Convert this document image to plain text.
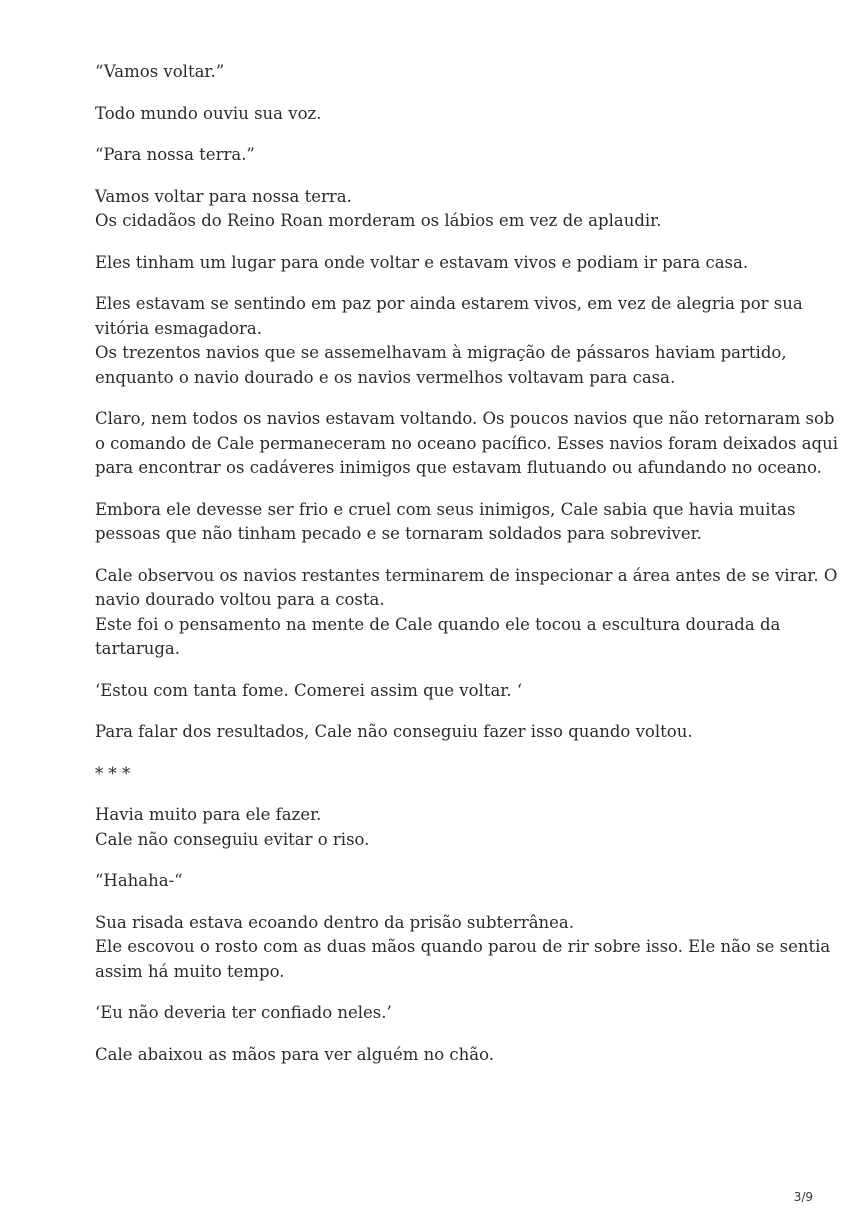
“Vamos voltar.”

Todo mundo ouviu sua voz.

“Para nossa terra.”

Vamos voltar para nossa terra.
Os cidadãos do Reino Roan morderam os lábios em vez de aplaudir.

Eles tinham um lugar para onde voltar e estavam vivos e podiam ir para casa.

Eles estavam se sentindo em paz por ainda estarem vivos, em vez de alegria por sua
vitória esmagadora.
Os trezentos navios que se assemelhavam à migração de pássaros haviam partido,
enquanto o navio dourado e os navios vermelhos voltavam para casa.

Claro, nem todos os navios estavam voltando. Os poucos navios que não retornaram sob
o comando de Cale permaneceram no oceano pacífico. Esses navios foram deixados aqui
para encontrar os cadáveres inimigos que estavam flutuando ou afundando no oceano.

Embora ele devesse ser frio e cruel com seus inimigos, Cale sabia que havia muitas
pessoas que não tinham pecado e se tornaram soldados para sobreviver.

Cale observou os navios restantes terminarem de inspecionar a área antes de se virar. O
navio dourado voltou para a costa.
Este foi o pensamento na mente de Cale quando ele tocou a escultura dourada da
tartaruga.

‘Estou com tanta fome. Comerei assim que voltar. ‘

Para falar dos resultados, Cale não conseguiu fazer isso quando voltou.

* * *

Havia muito para ele fazer.
Cale não conseguiu evitar o riso.

“Hahaha-“

Sua risada estava ecoando dentro da prisão subterrânea.
Ele escovou o rosto com as duas mãos quando parou de rir sobre isso. Ele não se sentia
assim há muito tempo.

‘Eu não deveria ter confiado neles.’

Cale abaixou as mãos para ver alguém no chão.

3/9
